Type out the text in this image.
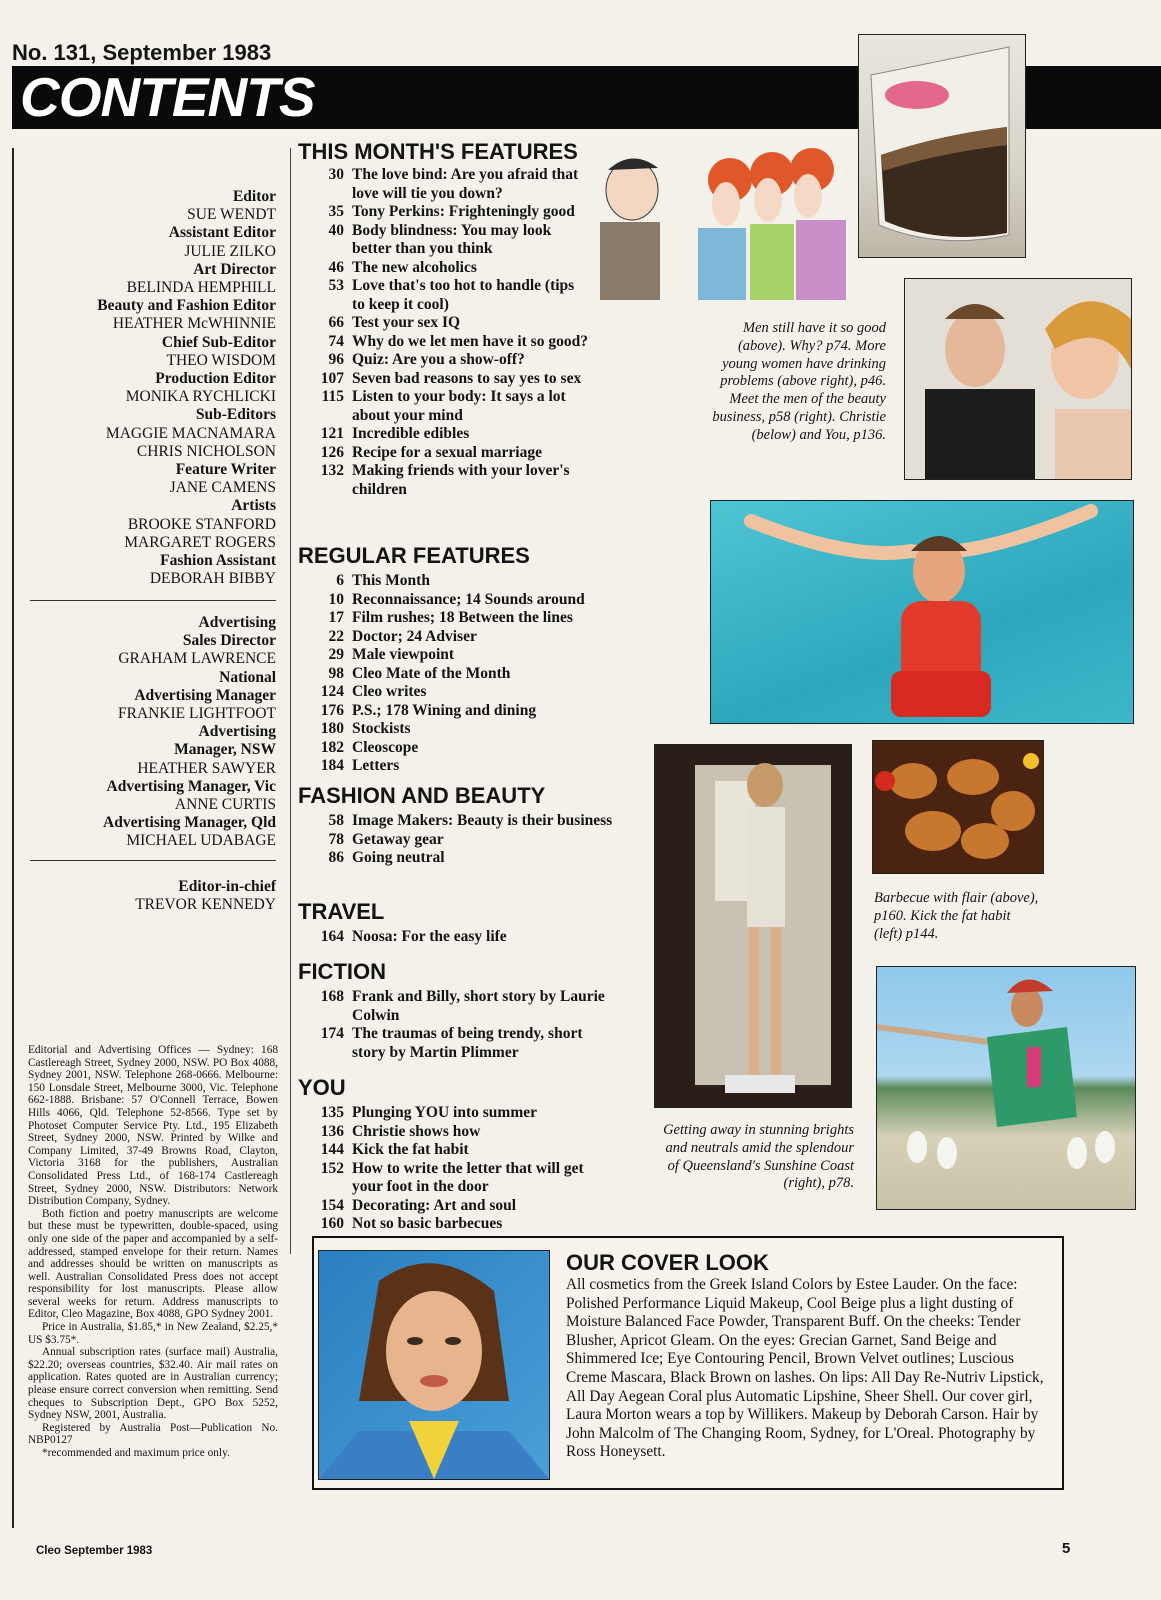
No. 131, September 1983
CONTENTS
Men still have it so good (above). Why? p74. More young women have drinking problems (above right), p46. Meet the men of the beauty business, p58 (right). Christie (below) and You, p136.
Barbecue with flair (above), p160. Kick the fat habit (left) p144.
Getting away in stunning brights and neutrals amid the splendour of Queensland's Sunshine Coast (right), p78.
Editor
SUE WENDT
Assistant Editor
JULIE ZILKO
Art Director
BELINDA HEMPHILL
Beauty and Fashion Editor
HEATHER McWHINNIE
Chief Sub-Editor
THEO WISDOM
Production Editor
MONIKA RYCHLICKI
Sub-Editors
MAGGIE MACNAMARA
CHRIS NICHOLSON
Feature Writer
JANE CAMENS
Artists
BROOKE STANFORD
MARGARET ROGERS
Fashion Assistant
DEBORAH BIBBY
Advertising
Sales Director
GRAHAM LAWRENCE
National
Advertising Manager
FRANKIE LIGHTFOOT
Advertising
Manager, NSW
HEATHER SAWYER
Advertising Manager, Vic
ANNE CURTIS
Advertising Manager, Qld
MICHAEL UDABAGE
Editor-in-chief
TREVOR KENNEDY

Editorial and Advertising Offices — Sydney: 168 Castlereagh Street, Sydney 2000, NSW. PO Box 4088, Sydney 2001, NSW. Telephone 268-0666. Melbourne: 150 Lonsdale Street, Melbourne 3000, Vic. Telephone 662-1888. Brisbane: 57 O'Connell Terrace, Bowen Hills 4066, Qld. Telephone 52-8566. Type set by Photoset Computer Service Pty. Ltd., 195 Elizabeth Street, Sydney 2000, NSW. Printed by Wilke and Company Limited, 37-49 Browns Road, Clayton, Victoria 3168 for the publishers, Australian Consolidated Press Ltd., of 168-174 Castlereagh Street, Sydney 2000, NSW. Distributors: Network Distribution Company, Sydney.

Both fiction and poetry manuscripts are welcome but these must be typewritten, double-spaced, using only one side of the paper and accompanied by a self-addressed, stamped envelope for their return. Names and addresses should be written on manuscripts as well. Australian Consolidated Press does not accept responsibility for lost manuscripts. Please allow several weeks for return. Address manuscripts to Editor, Cleo Magazine, Box 4088, GPO Sydney 2001.

Price in Australia, $1.85,* in New Zealand, $2.25,* US $3.75*.

Annual subscription rates (surface mail) Australia, $22.20; overseas countries, $32.40. Air mail rates on application. Rates quoted are in Australian currency; please ensure correct conversion when remitting. Send cheques to Subscription Dept., GPO Box 5252, Sydney NSW, 2001, Australia.

Registered by Australia Post—Publication No. NBP0127

*recommended and maximum price only.

THIS MONTH'S FEATURES
30 The love bind: Are you afraid that love will tie you down?
35 Tony Perkins: Frighteningly good
40 Body blindness: You may look better than you think
46 The new alcoholics
53 Love that's too hot to handle (tips to keep it cool)
66 Test your sex IQ
74 Why do we let men have it so good?
96 Quiz: Are you a show-off?
107 Seven bad reasons to say yes to sex
115 Listen to your body: It says a lot about your mind
121 Incredible edibles
126 Recipe for a sexual marriage
132 Making friends with your lover's children
REGULAR FEATURES
6 This Month
10 Reconnaissance; 14 Sounds around
17 Film rushes; 18 Between the lines
22 Doctor; 24 Adviser
29 Male viewpoint
98 Cleo Mate of the Month
124 Cleo writes
176 P.S.; 178 Wining and dining
180 Stockists
182 Cleoscope
184 Letters
FASHION AND BEAUTY
58 Image Makers: Beauty is their business
78 Getaway gear
86 Going neutral
TRAVEL
164 Noosa: For the easy life
FICTION
168 Frank and Billy, short story by Laurie Colwin
174 The traumas of being trendy, short story by Martin Plimmer
YOU
135 Plunging YOU into summer
136 Christie shows how
144 Kick the fat habit
152 How to write the letter that will get your foot in the door
154 Decorating: Art and soul
160 Not so basic barbecues
OUR COVER LOOK
All cosmetics from the Greek Island Colors by Estee Lauder. On the face: Polished Performance Liquid Makeup, Cool Beige plus a light dusting of Moisture Balanced Face Powder, Transparent Buff. On the cheeks: Tender Blusher, Apricot Gleam. On the eyes: Grecian Garnet, Sand Beige and Shimmered Ice; Eye Contouring Pencil, Brown Velvet outlines; Luscious Creme Mascara, Black Brown on lashes. On lips: All Day Re-Nutriv Lipstick, All Day Aegean Coral plus Automatic Lipshine, Sheer Shell. Our cover girl, Laura Morton wears a top by Willikers. Makeup by Deborah Carson. Hair by John Malcolm of The Changing Room, Sydney, for L'Oreal. Photography by Ross Honeysett.
Cleo September 1983	5
